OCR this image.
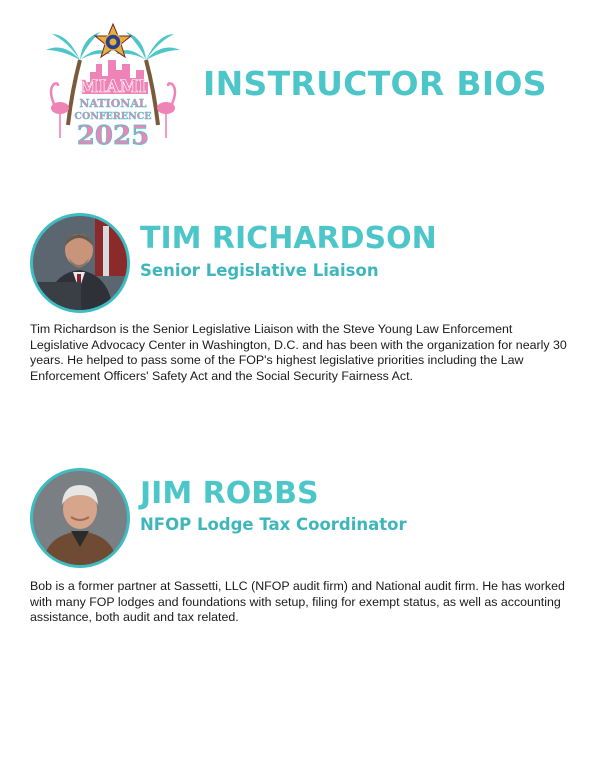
MIAMI
NATIONAL
CONFERENCE
2025
INSTRUCTOR BIOS
TIM RICHARDSON
Senior Legislative Liaison

Tim Richardson is the Senior Legislative Liaison with the Steve Young Law Enforcement Legislative Advocacy Center in Washington, D.C. and has been with the organization for nearly 30 years. He helped to pass some of the FOP's highest legislative priorities including the Law Enforcement Officers' Safety Act and the Social Security Fairness Act.

JIM ROBBS
NFOP Lodge Tax Coordinator

Bob is a former partner at Sassetti, LLC (NFOP audit firm) and National audit firm. He has worked with many FOP lodges and foundations with setup, filing for exempt status, as well as accounting assistance, both audit and tax related.
